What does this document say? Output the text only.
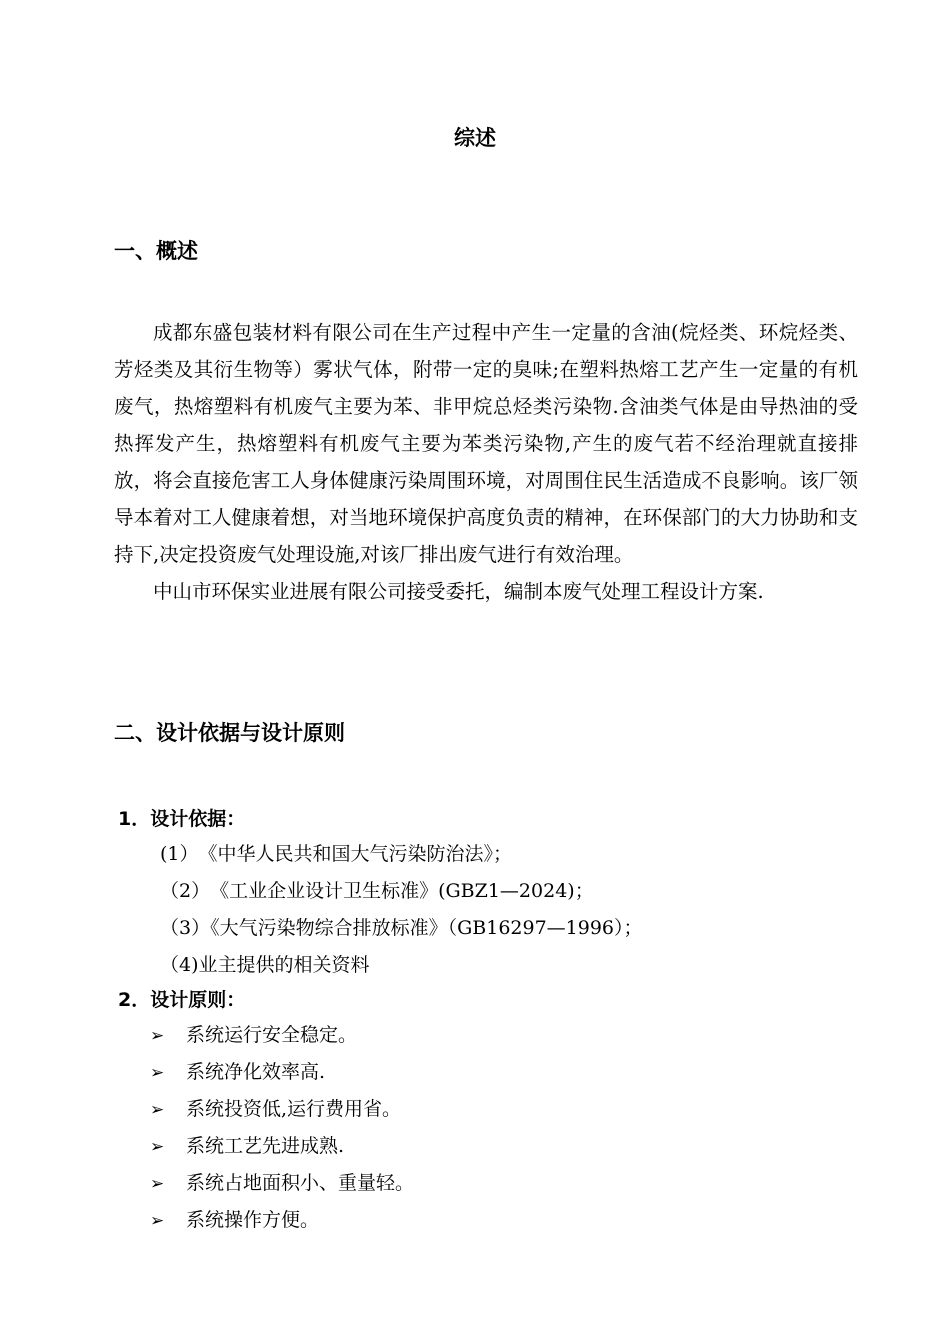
综述
一、概述

成都东盛包装材料有限公司在生产过程中产生一定量的含油(烷烃类、环烷烃类、芳烃类及其衍生物等）雾状气体，附带一定的臭味;在塑料热熔工艺产生一定量的有机废气，热熔塑料有机废气主要为苯、非甲烷总烃类污染物.含油类气体是由导热油的受热挥发产生，热熔塑料有机废气主要为苯类污染物,产生的废气若不经治理就直接排放，将会直接危害工人身体健康污染周围环境，对周围住民生活造成不良影响。该厂领导本着对工人健康着想，对当地环境保护高度负责的精神，在环保部门的大力协助和支持下,决定投资废气处理设施,对该厂排出废气进行有效治理。

中山市环保实业进展有限公司接受委托，编制本废气处理工程设计方案.

二、设计依据与设计原则
1．设计依据：
(1）　《中华人民共和国大气污染防治法》；
（2）　《工业企业设计卫生标准》(GBZ1—2024)；
（3）《大气污染物综合排放标准》（GB16297—1996）；
（4)业主提供的相关资料
2．设计原则：
➢ 系统运行安全稳定。
➢ 系统净化效率高.
➢ 系统投资低,运行费用省。
➢ 系统工艺先进成熟.
➢ 系统占地面积小、重量轻。
➢ 系统操作方便。
